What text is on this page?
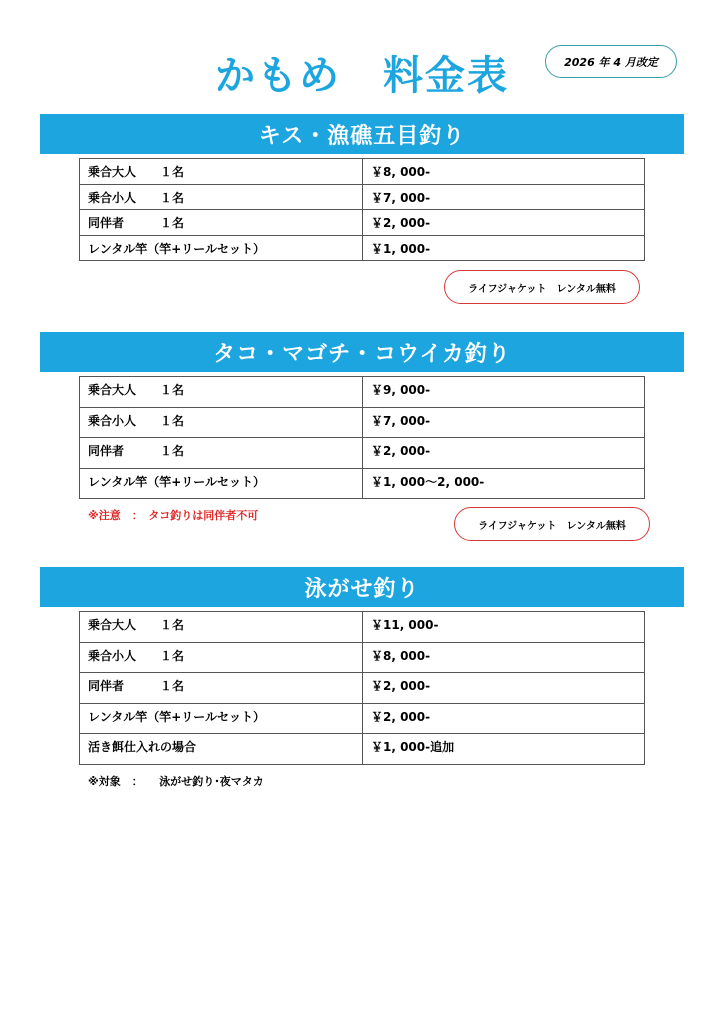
かもめ　料金表	2026 年 4 月改定
キス・漁礁五目釣り
乗合大人　　１名	￥8, 000-
乗合小人　　１名	￥7, 000-
同伴者　　　１名	￥2, 000-
レンタル竿（竿+リールセット）	￥1, 000-
ライフジャケット　レンタル無料
タコ・マゴチ・コウイカ釣り
乗合大人　　１名	￥9, 000-
乗合小人　　１名	￥7, 000-
同伴者　　　１名	￥2, 000-
レンタル竿（竿+リールセット）	￥1, 000〜2, 000-
※注意　：　タコ釣りは同伴者不可
ライフジャケット　レンタル無料
泳がせ釣り
乗合大人　　１名	￥11, 000-
乗合小人　　１名	￥8, 000-
同伴者　　　１名	￥2, 000-
レンタル竿（竿+リールセット）	￥2, 000-
活き餌仕入れの場合	￥1, 000-追加
※対象　：　　泳がせ釣り･夜マタカ
